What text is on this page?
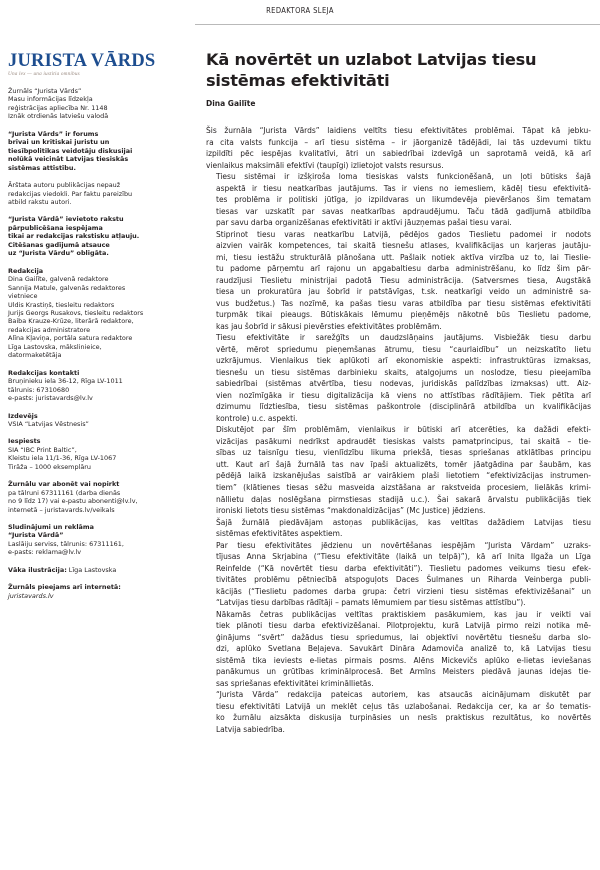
REDAKTORA SLEJA
JURISTA VĀRDS
Una lex — una iustitia omnibus
Žurnāls “Jurista Vārds”
Masu informācijas līdzekļa
reģistrācijas apliecība Nr. 1148
Iznāk otrdienās latviešu valodā
“Jurista Vārds” ir forums
brīvai un kritiskai juristu un
tiesībpolitikas veidotāju diskusijai
nolūkā veicināt Latvijas tiesiskās
sistēmas attīstību.
Ārštata autoru publikācijas nepauž
redakcijas viedokli. Par faktu pareizību
atbild rakstu autori.
“Jurista Vārdā” ievietoto rakstu
pārpublicēšana iespējama
tikai ar redakcijas rakstisku atļauju.
Citēšanas gadījumā atsauce
uz “Jurista Vārdu” obligāta.
Redakcija
Dina Gailīte, galvenā redaktore
Sannija Matule, galvenās redaktores
vietniece
Uldis Krastiņš, tiesleitu redaktors
Jurijs Georgs Rusakovs, tiesleitu redaktors
Baiba Krauze-Krūze, literārā redaktore,
redakcijas administratore
Alīna Kļaviņa, portāla satura redaktore
Līga Lastovska, mākslinieice,
datormaketētāja
Redakcijas kontakti
Bruņinieku iela 36-12, Rīga LV-1011
tālrunis: 67310680
e-pasts: juristavards@lv.lv
Izdevējs
VSIA “Latvijas Vēstnesis”
Iespiests
SIA “IBC Print Baltic”,
Kleistu iela 11/1-36, Rīga LV-1067
Tirāža – 1000 eksemplāru
Žurnālu var abonēt vai nopirkt
pa tālruni 67311161 (darba dienās
no 9 līdz 17) vai e-pastu abonenti@lv.lv,
internetā – juristavards.lv/veikals
Sludinājumi un reklāma
“Jurista Vārdā”
Laslāiju serviss, tālrunis: 67311161,
e-pasts: reklama@lv.lv
Vāka ilustrācija: Līga Lastovska
Žurnāls pieejams arī internetā:
juristavards.lv
Kā novērtēt un uzlabot Latvijas tiesu
sistēmas efektivitāti
Dina Gailīte
Šis žurnāla “Jurista Vārds” laidiens veltīts tiesu efektivitātes problēmai. Tāpat kā jebku-
ra cita valsts funkcija – arī tiesu sistēma – ir jāorganizē tādējādi, lai tās uzdevumi tiktu
izpildīti pēc iespējas kvalitatīvi, ātri un sabiedrībai izdevīgā un saprotamā veidā, kā arī
vienlaikus maksimāli efektīvi (taupīgi) izlietojot valsts resursus.
Tiesu sistēmai ir izšķiroša loma tiesiskas valsts funkcionēšanā, un ļoti būtisks šajā
aspektā ir tiesu neatkarības jautājums. Tas ir viens no iemesliem, kādēļ tiesu efektivitā-
tes problēma ir politiski jūtīga, jo izpildvaras un likumdevēja pievēršanos šim tematam
tiesas var uzskatīt par savas neatkarības apdraudējumu. Taču tādā gadījumā atbildība
par savu darba organizēšanas efektivitāti ir aktīvi jāuzņemas pašai tiesu varai.
Stiprinot tiesu varas neatkarību Latvijā, pēdējos gados Tieslietu padomei ir nodots
aizvien vairāk kompetences, tai skaitā tiesnešu atlases, kvalifikācijas un karjeras jautāju-
mi, tiesu iestāžu strukturālā plānošana utt. Pašlaik notiek aktīva virzība uz to, lai Tieslie-
tu padome pārņemtu arī rajonu un apgabaltiesu darba administrēšanu, ko līdz šim pār-
raudzījusi Tieslietu ministrijai padotā Tiesu administrācija. (Satversmes tiesa, Augstākā
tiesa un prokuratūra jau šobrīd ir patstāvīgas, t.sk. neatkarīgi veido un administrē sa-
vus budžetus.) Tas nozīmē, ka pašas tiesu varas atbildība par tiesu sistēmas efektivitāti
turpmāk tikai pieaugs. Būtiskākais lēmumu pieņēmējs nākotnē būs Tieslietu padome,
kas jau šobrīd ir sākusi pievērsties efektivitātes problēmām.
Tiesu efektivitāte ir sarežģīts un daudzslāņains jautājums. Visbiežāk tiesu darbu
vērtē, mērot spriedumu pieņemšanas ātrumu, tiesu “caurlaidību” un neizskatīto lietu
uzkrājumus. Vienlaikus tiek aplūkoti arī ekonomiskie aspekti: infrastruktūras izmaksas,
tiesnešu un tiesu sistēmas darbinieku skaits, atalgojums un noslodze, tiesu pieejamība
sabiedrībai (sistēmas atvērtība, tiesu nodevas, juridiskās palīdzības izmaksas) utt. Aiz-
vien nozīmīgāka ir tiesu digitalizācija kā viens no attīstības rādītājiem. Tiek pētīta arī
dzimumu līdztiesība, tiesu sistēmas paškontrole (disciplinārā atbildība un kvalifikācijas
kontrole) u.c. aspekti.
Diskutējot par šīm problēmām, vienlaikus ir būtiski arī atcerēties, ka dažādi efekti-
vizācijas pasākumi nedrīkst apdraudēt tiesiskas valsts pamatprincipus, tai skaitā – tie-
sības uz taisnīgu tiesu, vienlīdzību likuma priekšā, tiesas spriešanas atklātības principu
utt. Kaut arī šajā žurnālā tas nav īpaši aktualizēts, tomēr jāatgādina par šaubām, kas
pēdējā laikā izskanējušas saistībā ar vairākiem plaši lietotiem “efektivizācijas instrumen-
tiem” (klātienes tiesas sēžu masveida aizstāšana ar rakstveida procesiem, lielākās krimi-
nāllietu daļas noslēgšana pirmstiesas stadijā u.c.). Šai sakarā ārvalstu publikācijās tiek
ironiski lietots tiesu sistēmas “makdonaldizācijas” (Mc Justice) jēdziens.
Šajā žurnālā piedāvājam astoņas publikācijas, kas veltītas dažādiem Latvijas tiesu
sistēmas efektivitātes aspektiem.
Par tiesu efektivitātes jēdzienu un novērtēšanas iespējām “Jurista Vārdam” uzraks-
tījusas Anna Skrjabina (“Tiesu efektivitāte (laikā un telpā)”), kā arī Inita Ilgaža un Līga
Reinfelde (“Kā novērtēt tiesu darba efektivitāti”). Tieslietu padomes veikums tiesu efek-
tivitātes problēmu pētniecībā atspoguļots Daces Šulmanes un Riharda Veinberga publi-
kācijās (“Tieslietu padomes darba grupa: četri virzieni tiesu sistēmas efektivizēšanai” un
“Latvijas tiesu darbības rādītāji – pamats lēmumiem par tiesu sistēmas attīstību”).
Nākamās četras publikācijas veltītas praktiskiem pasākumiem, kas jau ir veikti vai
tiek plānoti tiesu darba efektivizēšanai. Pilotprojektu, kurā Latvijā pirmo reizi notika mē-
ģinājums “svērt” dažādus tiesu spriedumus, lai objektīvi novērtētu tiesnešu darba slo-
dzi, aplūko Svetlana Beļajeva. Savukārt Dināra Adamoviča analizē to, kā Latvijas tiesu
sistēmā tika ieviests e-lietas pirmais posms. Alēns Mickevičs aplūko e-lietas ieviešanas
panākumus un grūtības kriminālprocesā. Bet Armīns Meisters piedāvā jaunas idejas tie-
sas spriešanas efektivitātei krimināllietās.
“Jurista Vārda” redakcija pateicas autoriem, kas atsaucās aicinājumam diskutēt par
tiesu efektivitāti Latvijā un meklēt ceļus tās uzlabošanai. Redakcija cer, ka ar šo tematis-
ko žurnālu aizsākta diskusija turpināsies un nesīs praktiskus rezultātus, ko novērtēs
Latvija sabiedrība.
